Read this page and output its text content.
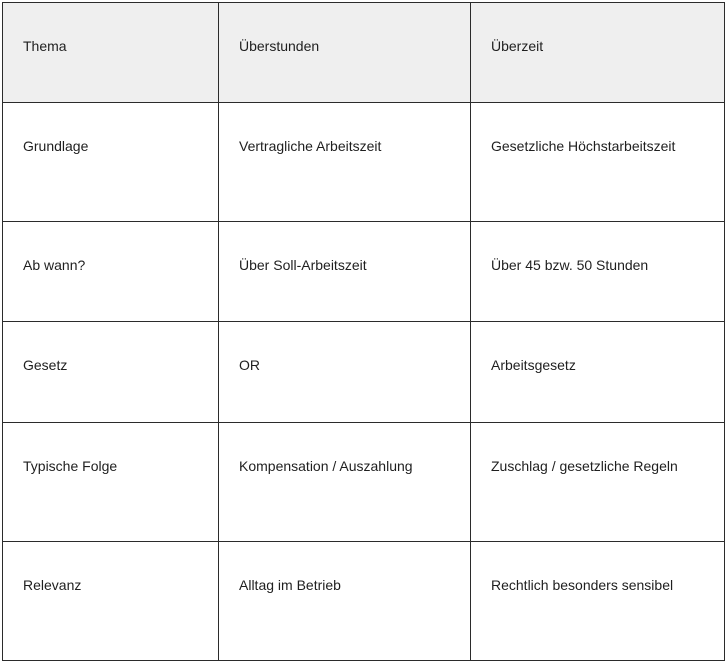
Thema	Überstunden	Überzeit
Grundlage	Vertragliche Arbeitszeit	Gesetzliche Höchstarbeitszeit
Ab wann?	Über Soll-Arbeitszeit	Über 45 bzw. 50 Stunden
Gesetz	OR	Arbeitsgesetz
Typische Folge	Kompensation / Auszahlung	Zuschlag / gesetzliche Regeln
Relevanz	Alltag im Betrieb	Rechtlich besonders sensibel
